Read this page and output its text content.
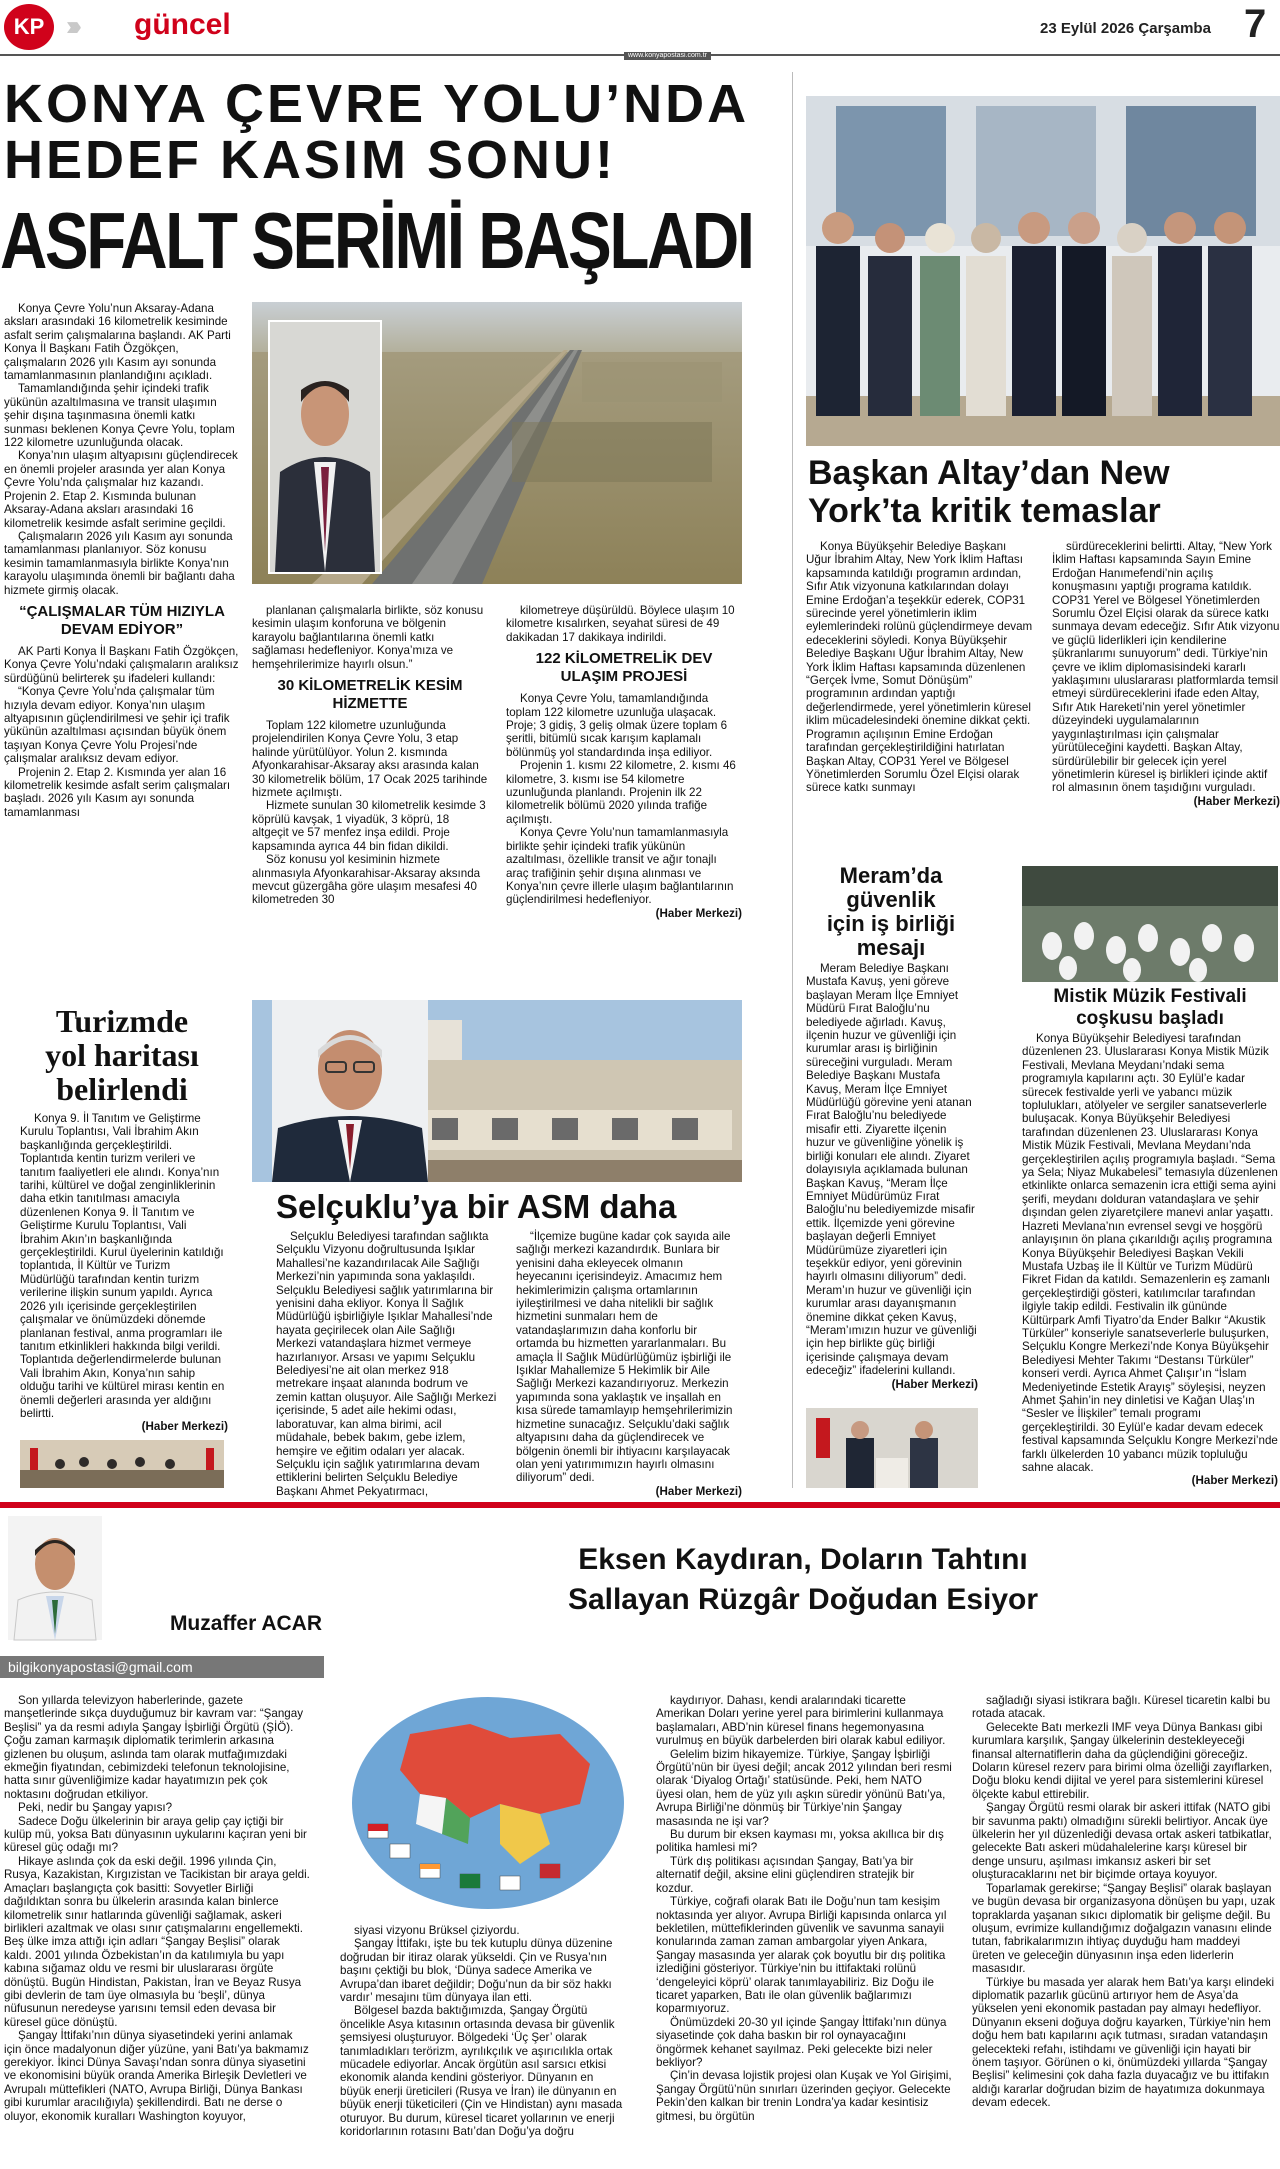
KP ››› güncel	23 Eylül 2026 Çarşamba 7
www.konyapostasi.com.tr
KONYA ÇEVRE YOLU’NDA
HEDEF KASIM SONU!
ASFALT SERİMİ BAŞLADI

Konya Çevre Yolu’nun Aksaray-Adana aksları arasındaki 16 kilometrelik kesiminde asfalt serim çalışmalarına başlandı. AK Parti Konya İl Başkanı Fatih Özgökçen, çalışmaların 2026 yılı Kasım ayı sonunda tamamlanmasının planlandığını açıkladı.

Tamamlandığında şehir içindeki trafik yükünün azaltılmasına ve transit ulaşımın şehir dışına taşınmasına önemli katkı sunması beklenen Konya Çevre Yolu, toplam 122 kilometre uzunluğunda olacak.

Konya’nın ulaşım altyapısını güçlendirecek en önemli projeler arasında yer alan Konya Çevre Yolu’nda çalışmalar hız kazandı. Projenin 2. Etap 2. Kısmında bulunan Aksaray-Adana aksları arasındaki 16 kilometrelik kesimde asfalt serimine geçildi.

Çalışmaların 2026 yılı Kasım ayı sonunda tamamlanması planlanıyor. Söz konusu kesimin tamamlanmasıyla birlikte Konya’nın karayolu ulaşımında önemli bir bağlantı daha hizmete girmiş olacak.

“ÇALIŞMALAR TÜM HIZIYLA DEVAM EDİYOR”

AK Parti Konya İl Başkanı Fatih Özgökçen, Konya Çevre Yolu’ndaki çalışmaların aralıksız sürdüğünü belirterek şu ifadeleri kullandı:

“Konya Çevre Yolu’nda çalışmalar tüm hızıyla devam ediyor. Konya’nın ulaşım altyapısının güçlendirilmesi ve şehir içi trafik yükünün azaltılması açısından büyük önem taşıyan Konya Çevre Yolu Projesi’nde çalışmalar aralıksız devam ediyor.

Projenin 2. Etap 2. Kısmında yer alan 16 kilometrelik kesimde asfalt serim çalışmaları başladı. 2026 yılı Kasım ayı sonunda tamamlanması

planlanan çalışmalarla birlikte, söz konusu kesimin ulaşım konforuna ve bölgenin karayolu bağlantılarına önemli katkı sağlaması hedefleniyor. Konya’mıza ve hemşehrilerimize hayırlı olsun.”

30 KİLOMETRELİK KESİM HİZMETTE

Toplam 122 kilometre uzunluğunda projelendirilen Konya Çevre Yolu, 3 etap halinde yürütülüyor. Yolun 2. kısmında Afyonkarahisar-Aksaray aksı arasında kalan 30 kilometrelik bölüm, 17 Ocak 2025 tarihinde hizmete açılmıştı.

Hizmete sunulan 30 kilometrelik kesimde 3 köprülü kavşak, 1 viyadük, 3 köprü, 18 altgeçit ve 57 menfez inşa edildi. Proje kapsamında ayrıca 44 bin fidan dikildi.

Söz konusu yol kesiminin hizmete alınmasıyla Afyonkarahisar-Aksaray aksında mevcut güzergâha göre ulaşım mesafesi 40 kilometreden 30

kilometreye düşürüldü. Böylece ulaşım 10 kilometre kısalırken, seyahat süresi de 49 dakikadan 17 dakikaya indirildi.

122 KİLOMETRELİK DEV ULAŞIM PROJESİ

Konya Çevre Yolu, tamamlandığında toplam 122 kilometre uzunluğa ulaşacak. Proje; 3 gidiş, 3 geliş olmak üzere toplam 6 şeritli, bitümlü sıcak karışım kaplamalı bölünmüş yol standardında inşa ediliyor.

Projenin 1. kısmı 22 kilometre, 2. kısmı 46 kilometre, 3. kısmı ise 54 kilometre uzunluğunda planlandı. Projenin ilk 22 kilometrelik bölümü 2020 yılında trafiğe açılmıştı.

Konya Çevre Yolu’nun tamamlanmasıyla birlikte şehir içindeki trafik yükünün azaltılması, özellikle transit ve ağır tonajlı araç trafiğinin şehir dışına alınması ve Konya’nın çevre illerle ulaşım bağlantılarının güçlendirilmesi hedefleniyor.

(Haber Merkezi)
Başkan Altay’dan New York’ta kritik temaslar

Konya Büyükşehir Belediye Başkanı Uğur İbrahim Altay, New York İklim Haftası kapsamında katıldığı programın ardından, Sıfır Atık vizyonuna katkılarından dolayı Emine Erdoğan’a teşekkür ederek, COP31 sürecinde yerel yönetimlerin iklim eylemlerindeki rolünü güçlendirmeye devam edeceklerini söyledi. Konya Büyükşehir Belediye Başkanı Uğur İbrahim Altay, New York İklim Haftası kapsamında düzenlenen “Gerçek İvme, Somut Dönüşüm” programının ardından yaptığı değerlendirmede, yerel yönetimlerin küresel iklim mücadelesindeki önemine dikkat çekti. Programın açılışının Emine Erdoğan tarafından gerçekleştirildiğini hatırlatan Başkan Altay, COP31 Yerel ve Bölgesel Yönetimlerden Sorumlu Özel Elçisi olarak sürece katkı sunmayı

sürdüreceklerini belirtti. Altay, “New York İklim Haftası kapsamında Sayın Emine Erdoğan Hanımefendi’nin açılış konuşmasını yaptığı programa katıldık. COP31 Yerel ve Bölgesel Yönetimlerden Sorumlu Özel Elçisi olarak da sürece katkı sunmaya devam edeceğiz. Sıfır Atık vizyonu ve güçlü liderlikleri için kendilerine şükranlarımı sunuyorum” dedi. Türkiye’nin çevre ve iklim diplomasisindeki kararlı yaklaşımını uluslararası platformlarda temsil etmeyi sürdüreceklerini ifade eden Altay, Sıfır Atık Hareketi’nin yerel yönetimler düzeyindeki uygulamalarının yaygınlaştırılması için çalışmalar yürütüleceğini kaydetti. Başkan Altay, sürdürülebilir bir gelecek için yerel yönetimlerin küresel iş birlikleri içinde aktif rol almasının önem taşıdığını vurguladı.

(Haber Merkezi)
Turizmde
yol haritası
belirlendi

Konya 9. İl Tanıtım ve Geliştirme Kurulu Toplantısı, Vali İbrahim Akın başkanlığında gerçekleştirildi. Toplantıda kentin turizm verileri ve tanıtım faaliyetleri ele alındı. Konya’nın tarihi, kültürel ve doğal zenginliklerinin daha etkin tanıtılması amacıyla düzenlenen Konya 9. İl Tanıtım ve Geliştirme Kurulu Toplantısı, Vali İbrahim Akın’ın başkanlığında gerçekleştirildi. Kurul üyelerinin katıldığı toplantıda, İl Kültür ve Turizm Müdürlüğü tarafından kentin turizm verilerine ilişkin sunum yapıldı. Ayrıca 2026 yılı içerisinde gerçekleştirilen çalışmalar ve önümüzdeki dönemde planlanan festival, anma programları ile tanıtım etkinlikleri hakkında bilgi verildi. Toplantıda değerlendirmelerde bulunan Vali İbrahim Akın, Konya’nın sahip olduğu tarihi ve kültürel mirası kentin en önemli değerleri arasında yer aldığını belirtti.

(Haber Merkezi)
Selçuklu’ya bir ASM daha

Selçuklu Belediyesi tarafından sağlıkta Selçuklu Vizyonu doğrultusunda Işıklar Mahallesi’ne kazandırılacak Aile Sağlığı Merkezi’nin yapımında sona yaklaşıldı. Selçuklu Belediyesi sağlık yatırımlarına bir yenisini daha ekliyor. Konya İl Sağlık Müdürlüğü işbirliğiyle Işıklar Mahallesi’nde hayata geçirilecek olan Aile Sağlığı Merkezi vatandaşlara hizmet vermeye hazırlanıyor. Arsası ve yapımı Selçuklu Belediyesi’ne ait olan merkez 918 metrekare inşaat alanında bodrum ve zemin kattan oluşuyor. Aile Sağlığı Merkezi içerisinde, 5 adet aile hekimi odası, laboratuvar, kan alma birimi, acil müdahale, bebek bakım, gebe izlem, hemşire ve eğitim odaları yer alacak. Selçuklu için sağlık yatırımlarına devam ettiklerini belirten Selçuklu Belediye Başkanı Ahmet Pekyatırmacı,

“İlçemize bugüne kadar çok sayıda aile sağlığı merkezi kazandırdık. Bunlara bir yenisini daha ekleyecek olmanın heyecanını içerisindeyiz. Amacımız hem hekimlerimizin çalışma ortamlarının iyileştirilmesi ve daha nitelikli bir sağlık hizmetini sunmaları hem de vatandaşlarımızın daha konforlu bir ortamda bu hizmetten yararlanmaları. Bu amaçla İl Sağlık Müdürlüğümüz işbirliği ile Işıklar Mahallemize 5 Hekimlik bir Aile Sağlığı Merkezi kazandırıyoruz. Merkezin yapımında sona yaklaştık ve inşallah en kısa sürede tamamlayıp hemşehrilerimizin hizmetine sunacağız. Selçuklu’daki sağlık altyapısını daha da güçlendirecek ve bölgenin önemli bir ihtiyacını karşılayacak olan yeni yatırımımızın hayırlı olmasını diliyorum” dedi.

(Haber Merkezi)
Meram’da
güvenlik
için iş birliği
mesajı

Meram Belediye Başkanı Mustafa Kavuş, yeni göreve başlayan Meram İlçe Emniyet Müdürü Fırat Baloğlu’nu belediyede ağırladı. Kavuş, ilçenin huzur ve güvenliği için kurumlar arası iş birliğinin süreceğini vurguladı. Meram Belediye Başkanı Mustafa Kavuş, Meram İlçe Emniyet Müdürlüğü görevine yeni atanan Fırat Baloğlu’nu belediyede misafir etti. Ziyarette ilçenin huzur ve güvenliğine yönelik iş birliği konuları ele alındı. Ziyaret dolayısıyla açıklamada bulunan Başkan Kavuş, “Meram İlçe Emniyet Müdürümüz Fırat Baloğlu’nu belediyemizde misafir ettik. İlçemizde yeni görevine başlayan değerli Emniyet Müdürümüze ziyaretleri için teşekkür ediyor, yeni görevinin hayırlı olmasını diliyorum” dedi. Meram’ın huzur ve güvenliği için kurumlar arası dayanışmanın önemine dikkat çeken Kavuş, “Meram’ımızın huzur ve güvenliği için hep birlikte güç birliği içerisinde çalışmaya devam edeceğiz” ifadelerini kullandı.

(Haber Merkezi)
Mistik Müzik Festivali
coşkusu başladı

Konya Büyükşehir Belediyesi tarafından düzenlenen 23. Uluslararası Konya Mistik Müzik Festivali, Mevlana Meydanı’ndaki sema programıyla kapılarını açtı. 30 Eylül’e kadar sürecek festivalde yerli ve yabancı müzik toplulukları, atölyeler ve sergiler sanatseverlerle buluşacak. Konya Büyükşehir Belediyesi tarafından düzenlenen 23. Uluslararası Konya Mistik Müzik Festivali, Mevlana Meydanı’nda gerçekleştirilen açılış programıyla başladı. “Sema ya Sela; Niyaz Mukabelesi” temasıyla düzenlenen etkinlikte onlarca semazenin icra ettiği sema ayini şerifi, meydanı dolduran vatandaşlara ve şehir dışından gelen ziyaretçilere manevi anlar yaşattı. Hazreti Mevlana’nın evrensel sevgi ve hoşgörü anlayışının ön plana çıkarıldığı açılış programına Konya Büyükşehir Belediyesi Başkan Vekili Mustafa Uzbaş ile İl Kültür ve Turizm Müdürü Fikret Fidan da katıldı. Semazenlerin eş zamanlı gerçekleştirdiği gösteri, katılımcılar tarafından ilgiyle takip edildi. Festivalin ilk gününde Kültürpark Amfi Tiyatro’da Ender Balkır “Akustik Türküler” konseriyle sanatseverlerle buluşurken, Selçuklu Kongre Merkezi’nde Konya Büyükşehir Belediyesi Mehter Takımı “Destansı Türküler” konseri verdi. Ayrıca Ahmet Çalışır’ın “İslam Medeniyetinde Estetik Arayış” söyleşisi, neyzen Ahmet Şahin’in ney dinletisi ve Kağan Ulaş’ın “Sesler ve İlişkiler” temalı programı gerçekleştirildi. 30 Eylül’e kadar devam edecek festival kapsamında Selçuklu Kongre Merkezi’nde farklı ülkelerden 10 yabancı müzik topluluğu sahne alacak.

(Haber Merkezi)
Muzaffer ACAR
bilgikonyapostasi@gmail.com
Eksen Kaydıran, Doların Tahtını
Sallayan Rüzgâr Doğudan Esiyor

Son yıllarda televizyon haberlerinde, gazete manşetlerinde sıkça duyduğumuz bir kavram var: “Şangay Beşlisi” ya da resmi adıyla Şangay İşbirliği Örgütü (ŞİÖ). Çoğu zaman karmaşık diplomatik terimlerin arkasına gizlenen bu oluşum, aslında tam olarak mutfağımızdaki ekmeğin fiyatından, cebimizdeki telefonun teknolojisine, hatta sınır güvenliğimize kadar hayatımızın pek çok noktasını doğrudan etkiliyor.

Peki, nedir bu Şangay yapısı?

Sadece Doğu ülkelerinin bir araya gelip çay içtiği bir kulüp mü, yoksa Batı dünyasının uykularını kaçıran yeni bir küresel güç odağı mı?

Hikaye aslında çok da eski değil. 1996 yılında Çin, Rusya, Kazakistan, Kırgızistan ve Tacikistan bir araya geldi. Amaçları başlangıçta çok basitti: Sovyetler Birliği dağıldıktan sonra bu ülkelerin arasında kalan binlerce kilometrelik sınır hatlarında güvenliği sağlamak, askeri birlikleri azaltmak ve olası sınır çatışmalarını engellemekti. Beş ülke imza attığı için adları “Şangay Beşlisi” olarak kaldı. 2001 yılında Özbekistan’ın da katılımıyla bu yapı kabına sığamaz oldu ve resmi bir uluslararası örgüte dönüştü. Bugün Hindistan, Pakistan, İran ve Beyaz Rusya gibi devlerin de tam üye olmasıyla bu ‘beşli’, dünya nüfusunun neredeyse yarısını temsil eden devasa bir küresel güce dönüştü.

Şangay İttifakı’nın dünya siyasetindeki yerini anlamak için önce madalyonun diğer yüzüne, yani Batı’ya bakmamız gerekiyor. İkinci Dünya Savaşı’ndan sonra dünya siyasetini ve ekonomisini büyük oranda Amerika Birleşik Devletleri ve Avrupalı müttefikleri (NATO, Avrupa Birliği, Dünya Bankası gibi kurumlar aracılığıyla) şekillendirdi. Batı ne derse o oluyor, ekonomik kuralları Washington koyuyor,

siyasi vizyonu Brüksel çiziyordu.

Şangay İttifakı, işte bu tek kutuplu dünya düzenine doğrudan bir itiraz olarak yükseldi. Çin ve Rusya’nın başını çektiği bu blok, ‘Dünya sadece Amerika ve Avrupa’dan ibaret değildir; Doğu’nun da bir söz hakkı vardır’ mesajını tüm dünyaya ilan etti.

Bölgesel bazda baktığımızda, Şangay Örgütü öncelikle Asya kıtasının ortasında devasa bir güvenlik şemsiyesi oluşturuyor. Bölgedeki ‘Üç Şer’ olarak tanımladıkları terörizm, ayrılıkçılık ve aşırıcılıkla ortak mücadele ediyorlar. Ancak örgütün asıl sarsıcı etkisi ekonomik alanda kendini gösteriyor. Dünyanın en büyük enerji üreticileri (Rusya ve İran) ile dünyanın en büyük enerji tüketicileri (Çin ve Hindistan) aynı masada oturuyor. Bu durum, küresel ticaret yollarının ve enerji koridorlarının rotasını Batı’dan Doğu’ya doğru

kaydırıyor. Dahası, kendi aralarındaki ticarette Amerikan Doları yerine yerel para birimlerini kullanmaya başlamaları, ABD’nin küresel finans hegemonyasına vurulmuş en büyük darbelerden biri olarak kabul ediliyor.

Gelelim bizim hikayemize. Türkiye, Şangay İşbirliği Örgütü’nün bir üyesi değil; ancak 2012 yılından beri resmi olarak ‘Diyalog Ortağı’ statüsünde. Peki, hem NATO üyesi olan, hem de yüz yılı aşkın süredir yönünü Batı’ya, Avrupa Birliği’ne dönmüş bir Türkiye’nin Şangay masasında ne işi var?

Bu durum bir eksen kayması mı, yoksa akıllıca bir dış politika hamlesi mi?

Türk dış politikası açısından Şangay, Batı’ya bir alternatif değil, aksine elini güçlendiren stratejik bir kozdur.

Türkiye, coğrafi olarak Batı ile Doğu’nun tam kesişim noktasında yer alıyor. Avrupa Birliği kapısında onlarca yıl bekletilen, müttefiklerinden güvenlik ve savunma sanayii konularında zaman zaman ambargolar yiyen Ankara, Şangay masasında yer alarak çok boyutlu bir dış politika izlediğini gösteriyor. Türkiye’nin bu ittifaktaki rolünü ‘dengeleyici köprü’ olarak tanımlayabiliriz. Biz Doğu ile ticaret yaparken, Batı ile olan güvenlik bağlarımızı koparmıyoruz.

Önümüzdeki 20-30 yıl içinde Şangay İttifakı’nın dünya siyasetinde çok daha baskın bir rol oynayacağını öngörmek kehanet sayılmaz. Peki gelecekte bizi neler bekliyor?

Çin’in devasa lojistik projesi olan Kuşak ve Yol Girişimi, Şangay Örgütü’nün sınırları üzerinden geçiyor. Gelecekte Pekin’den kalkan bir trenin Londra’ya kadar kesintisiz gitmesi, bu örgütün

sağladığı siyasi istikrara bağlı. Küresel ticaretin kalbi bu rotada atacak.

Gelecekte Batı merkezli IMF veya Dünya Bankası gibi kurumlara karşılık, Şangay ülkelerinin destekleyeceği finansal alternatiflerin daha da güçlendiğini göreceğiz. Doların küresel rezerv para birimi olma özelliği zayıflarken, Doğu bloku kendi dijital ve yerel para sistemlerini küresel ölçekte kabul ettirebilir.

Şangay Örgütü resmi olarak bir askeri ittifak (NATO gibi bir savunma paktı) olmadığını sürekli belirtiyor. Ancak üye ülkelerin her yıl düzenlediği devasa ortak askeri tatbikatlar, gelecekte Batı askeri müdahalelerine karşı küresel bir denge unsuru, aşılması imkansız askeri bir set oluşturacaklarını net bir biçimde ortaya koyuyor.

Toparlamak gerekirse; “Şangay Beşlisi” olarak başlayan ve bugün devasa bir organizasyona dönüşen bu yapı, uzak topraklarda yaşanan sıkıcı diplomatik bir gelişme değil. Bu oluşum, evrimize kullandığımız doğalgazın vanasını elinde tutan, fabrikalarımızın ihtiyaç duyduğu ham maddeyi üreten ve geleceğin dünyasının inşa eden liderlerin masasıdır.

Türkiye bu masada yer alarak hem Batı’ya karşı elindeki diplomatik pazarlık gücünü artırıyor hem de Asya’da yükselen yeni ekonomik pastadan pay almayı hedefliyor. Dünyanın ekseni doğuya doğru kayarken, Türkiye’nin hem doğu hem batı kapılarını açık tutması, sıradan vatandaşın gelecekteki refahı, istihdamı ve güvenliği için hayati bir önem taşıyor. Görünen o ki, önümüzdeki yıllarda “Şangay Beşlisi” kelimesini çok daha fazla duyacağız ve bu ittifakın aldığı kararlar doğrudan bizim de hayatımıza dokunmaya devam edecek.
